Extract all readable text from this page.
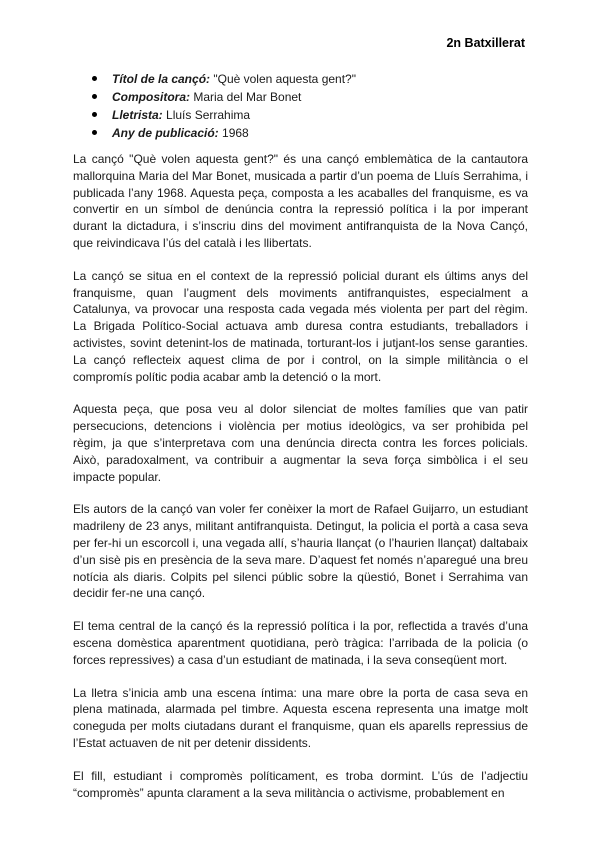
2n Batxillerat
Títol de la cançó: "Què volen aquesta gent?"
Compositora: Maria del Mar Bonet
Lletrista: Lluís Serrahima
Any de publicació: 1968

La cançó "Què volen aquesta gent?" és una cançó emblemàtica de la cantautora mallorquina Maria del Mar Bonet, musicada a partir d’un poema de Lluís Serrahima, i publicada l’any 1968. Aquesta peça, composta a les acaballes del franquisme, es va convertir en un símbol de denúncia contra la repressió política i la por imperant durant la dictadura, i s’inscriu dins del moviment antifranquista de la Nova Cançó, que reivindicava l’ús del català i les llibertats.

La cançó se situa en el context de la repressió policial durant els últims anys del franquisme, quan l’augment dels moviments antifranquistes, especialment a Catalunya, va provocar una resposta cada vegada més violenta per part del règim. La Brigada Político-Social actuava amb duresa contra estudiants, treballadors i activistes, sovint detenint-los de matinada, torturant-los i jutjant-los sense garanties. La cançó reflecteix aquest clima de por i control, on la simple militància o el compromís polític podia acabar amb la detenció o la mort.

Aquesta peça, que posa veu al dolor silenciat de moltes famílies que van patir persecucions, detencions i violència per motius ideològics, va ser prohibida pel règim, ja que s’interpretava com una denúncia directa contra les forces policials. Això, paradoxalment, va contribuir a augmentar la seva força simbòlica i el seu impacte popular.

Els autors de la cançó van voler fer conèixer la mort de Rafael Guijarro, un estudiant madrileny de 23 anys, militant antifranquista. Detingut, la policia el portà a casa seva per fer-hi un escorcoll i, una vegada allí, s’hauria llançat (o l’haurien llançat) daltabaix d’un sisè pis en presència de la seva mare. D’aquest fet només n’aparegué una breu notícia als diaris. Colpits pel silenci públic sobre la qüestió, Bonet i Serrahima van decidir fer-ne una cançó.

El tema central de la cançó és la repressió política i la por, reflectida a través d’una escena domèstica aparentment quotidiana, però tràgica: l’arribada de la policia (o forces repressives) a casa d’un estudiant de matinada, i la seva conseqüent mort.

La lletra s’inicia amb una escena íntima: una mare obre la porta de casa seva en plena matinada, alarmada pel timbre. Aquesta escena representa una imatge molt coneguda per molts ciutadans durant el franquisme, quan els aparells repressius de l’Estat actuaven de nit per detenir dissidents.

El fill, estudiant i compromès políticament, es troba dormint. L’ús de l’adjectiu “compromès” apunta clarament a la seva militància o activisme, probablement en
